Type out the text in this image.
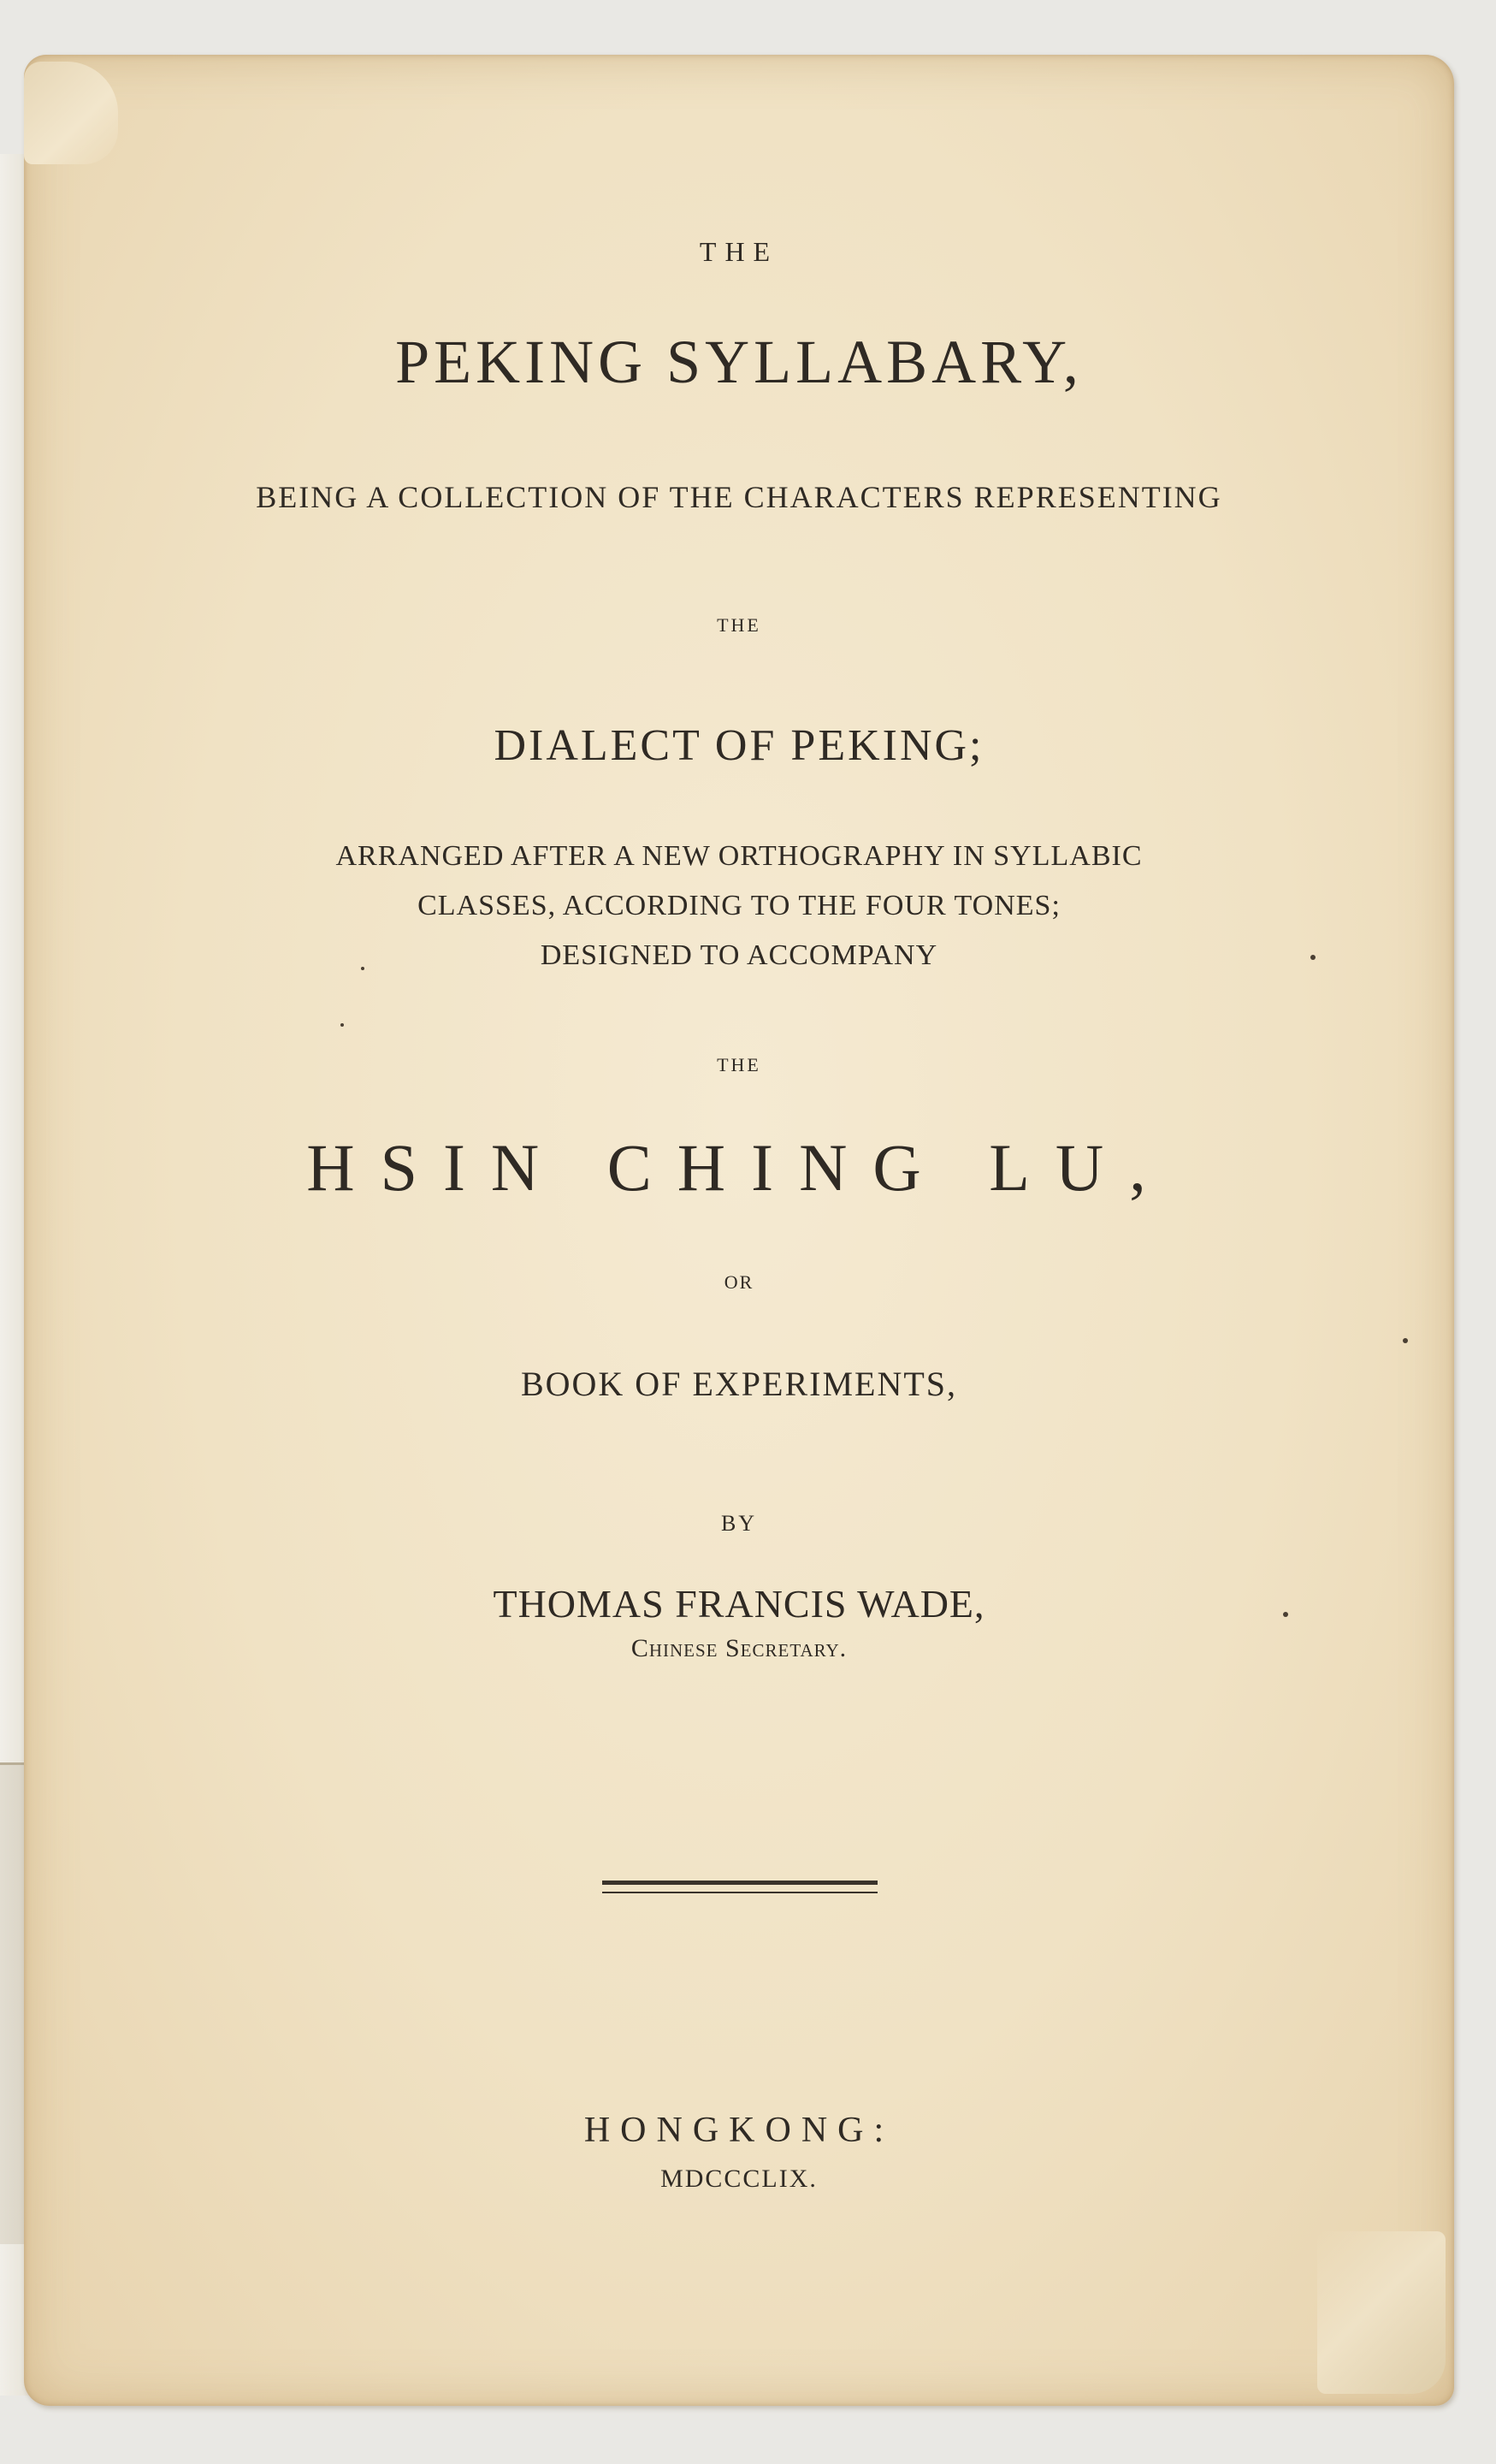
THE
PEKING SYLLABARY,
BEING A COLLECTION OF THE CHARACTERS REPRESENTING
THE
DIALECT OF PEKING;
ARRANGED AFTER A NEW ORTHOGRAPHY IN SYLLABIC
CLASSES, ACCORDING TO THE FOUR TONES;
DESIGNED TO ACCOMPANY
THE
HSIN CHING LU,
OR
BOOK OF EXPERIMENTS,
BY
THOMAS FRANCIS WADE,
Chinese Secretary.
HONGKONG:
MDCCCLIX.
